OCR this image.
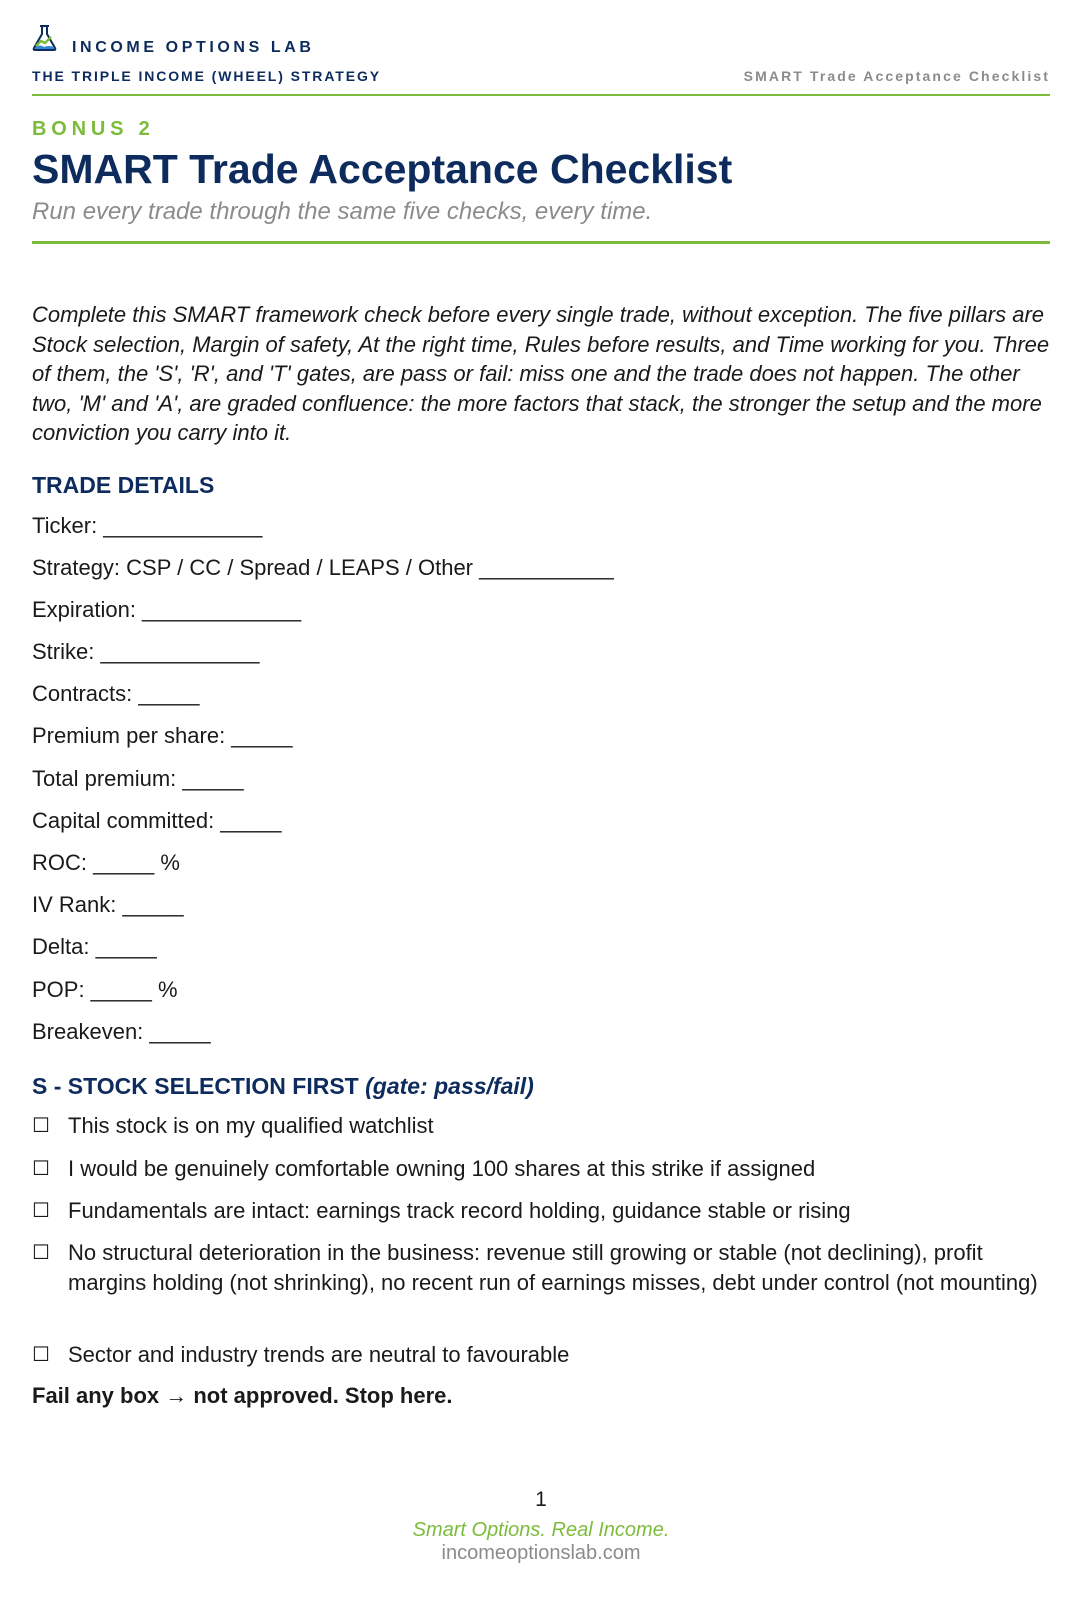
INCOME OPTIONS LAB
THE TRIPLE INCOME (WHEEL) STRATEGY	SMART Trade Acceptance Checklist
BONUS 2
SMART Trade Acceptance Checklist
Run every trade through the same five checks, every time.

Complete this SMART framework check before every single trade, without exception. The five pillars are Stock selection, Margin of safety, At the right time, Rules before results, and Time working for you. Three of them, the 'S', 'R', and 'T' gates, are pass or fail: miss one and the trade does not happen. The other two, 'M' and 'A', are graded confluence: the more factors that stack, the stronger the setup and the more conviction you carry into it.

TRADE DETAILS
Ticker: _____________
Strategy: CSP / CC / Spread / LEAPS / Other ___________
Expiration: _____________
Strike: _____________
Contracts: _____
Premium per share: _____
Total premium: _____
Capital committed: _____
ROC: _____ %
IV Rank: _____
Delta: _____
POP: _____ %
Breakeven: _____
S - STOCK SELECTION FIRST (gate: pass/fail)
☐ This stock is on my qualified watchlist
☐ I would be genuinely comfortable owning 100 shares at this strike if assigned
☐ Fundamentals are intact: earnings track record holding, guidance stable or rising
☐ No structural deterioration in the business: revenue still growing or stable (not declining), profit margins holding (not shrinking), no recent run of earnings misses, debt under control (not mounting)
☐ Sector and industry trends are neutral to favourable
Fail any box → not approved. Stop here.
1
Smart Options. Real Income.
incomeoptionslab.com
